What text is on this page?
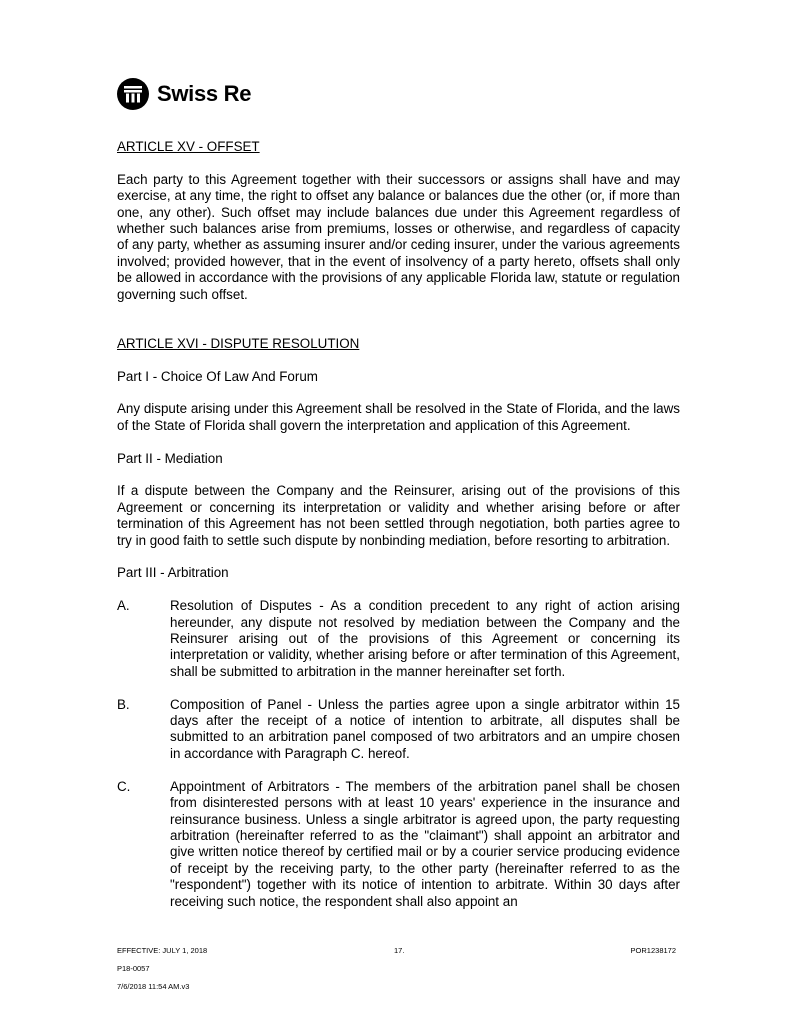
Swiss Re

ARTICLE XV - OFFSET

Each party to this Agreement together with their successors or assigns shall have and may exercise, at any time, the right to offset any balance or balances due the other (or, if more than one, any other). Such offset may include balances due under this Agreement regardless of whether such balances arise from premiums, losses or otherwise, and regardless of capacity of any party, whether as assuming insurer and/or ceding insurer, under the various agreements involved; provided however, that in the event of insolvency of a party hereto, offsets shall only be allowed in accordance with the provisions of any applicable Florida law, statute or regulation governing such offset.

ARTICLE XVI - DISPUTE RESOLUTION

Part I - Choice Of Law And Forum

Any dispute arising under this Agreement shall be resolved in the State of Florida, and the laws of the State of Florida shall govern the interpretation and application of this Agreement.

Part II - Mediation

If a dispute between the Company and the Reinsurer, arising out of the provisions of this Agreement or concerning its interpretation or validity and whether arising before or after termination of this Agreement has not been settled through negotiation, both parties agree to try in good faith to settle such dispute by nonbinding mediation, before resorting to arbitration.

Part III - Arbitration

A.	Resolution of Disputes - As a condition precedent to any right of action arising hereunder, any dispute not resolved by mediation between the Company and the Reinsurer arising out of the provisions of this Agreement or concerning its interpretation or validity, whether arising before or after termination of this Agreement, shall be submitted to arbitration in the manner hereinafter set forth.
B.	Composition of Panel - Unless the parties agree upon a single arbitrator within 15 days after the receipt of a notice of intention to arbitrate, all disputes shall be submitted to an arbitration panel composed of two arbitrators and an umpire chosen in accordance with Paragraph C. hereof.
C.	Appointment of Arbitrators - The members of the arbitration panel shall be chosen from disinterested persons with at least 10 years' experience in the insurance and reinsurance business. Unless a single arbitrator is agreed upon, the party requesting arbitration (hereinafter referred to as the "claimant") shall appoint an arbitrator and give written notice thereof by certified mail or by a courier service producing evidence of receipt by the receiving party, to the other party (hereinafter referred to as the "respondent") together with its notice of intention to arbitrate. Within 30 days after receiving such notice, the respondent shall also appoint an
EFFECTIVE: JULY 1, 2018	17.	POR1238172
P18-0057
7/6/2018 11:54 AM.v3
